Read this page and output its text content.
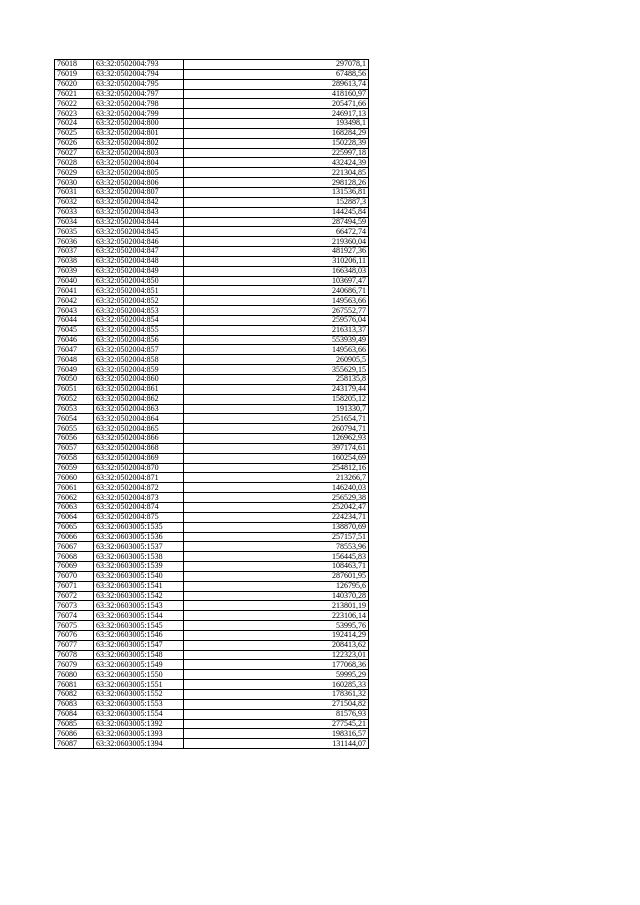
76018	63:32:0502004:793	297078,1
76019	63:32:0502004:794	67488,56
76020	63:32:0502004:795	289613,74
76021	63:32:0502004:797	418160,97
76022	63:32:0502004:798	205471,66
76023	63:32:0502004:799	246917,13
76024	63:32:0502004:800	193498,1
76025	63:32:0502004:801	168284,29
76026	63:32:0502004:802	150228,39
76027	63:32:0502004:803	225997,18
76028	63:32:0502004:804	432424,39
76029	63:32:0502004:805	221304,85
76030	63:32:0502004:806	298128,26
76031	63:32:0502004:807	131536,81
76032	63:32:0502004:842	152887,3
76033	63:32:0502004:843	144245,84
76034	63:32:0502004:844	287494,59
76035	63:32:0502004:845	66472,74
76036	63:32:0502004:846	219360,04
76037	63:32:0502004:847	481927,36
76038	63:32:0502004:848	310206,11
76039	63:32:0502004:849	166348,03
76040	63:32:0502004:850	103697,47
76041	63:32:0502004:851	240686,71
76042	63:32:0502004:852	149563,66
76043	63:32:0502004:853	267552,77
76044	63:32:0502004:854	259576,04
76045	63:32:0502004:855	216313,37
76046	63:32:0502004:856	553939,49
76047	63:32:0502004:857	149563,66
76048	63:32:0502004:858	260905,5
76049	63:32:0502004:859	355629,15
76050	63:32:0502004:860	258135,8
76051	63:32:0502004:861	243179,44
76052	63:32:0502004:862	158205,12
76053	63:32:0502004:863	191330,7
76054	63:32:0502004:864	251654,71
76055	63:32:0502004:865	260794,71
76056	63:32:0502004:866	126962,93
76057	63:32:0502004:868	397174,61
76058	63:32:0502004:869	160254,69
76059	63:32:0502004:870	254812,16
76060	63:32:0502004:871	213266,7
76061	63:32:0502004:872	146240,03
76062	63:32:0502004:873	256529,38
76063	63:32:0502004:874	252042,47
76064	63:32:0502004:875	224234,71
76065	63:32:0603005:1535	138870,69
76066	63:32:0603005:1536	257157,51
76067	63:32:0603005:1537	78553,96
76068	63:32:0603005:1538	156445,83
76069	63:32:0603005:1539	108463,71
76070	63:32:0603005:1540	287601,95
76071	63:32:0603005:1541	126795,6
76072	63:32:0603005:1542	140370,28
76073	63:32:0603005:1543	213801,19
76074	63:32:0603005:1544	223106,14
76075	63:32:0603005:1545	53995,76
76076	63:32:0603005:1546	192414,29
76077	63:32:0603005:1547	208413,62
76078	63:32:0603005:1548	122323,01
76079	63:32:0603005:1549	177068,36
76080	63:32:0603005:1550	59995,29
76081	63:32:0603005:1551	160285,33
76082	63:32:0603005:1552	178361,32
76083	63:32:0603005:1553	271504,82
76084	63:32:0603005:1554	81576,93
76085	63:32:0603005:1392	277545,21
76086	63:32:0603005:1393	198316,57
76087	63:32:0603005:1394	131144,07
